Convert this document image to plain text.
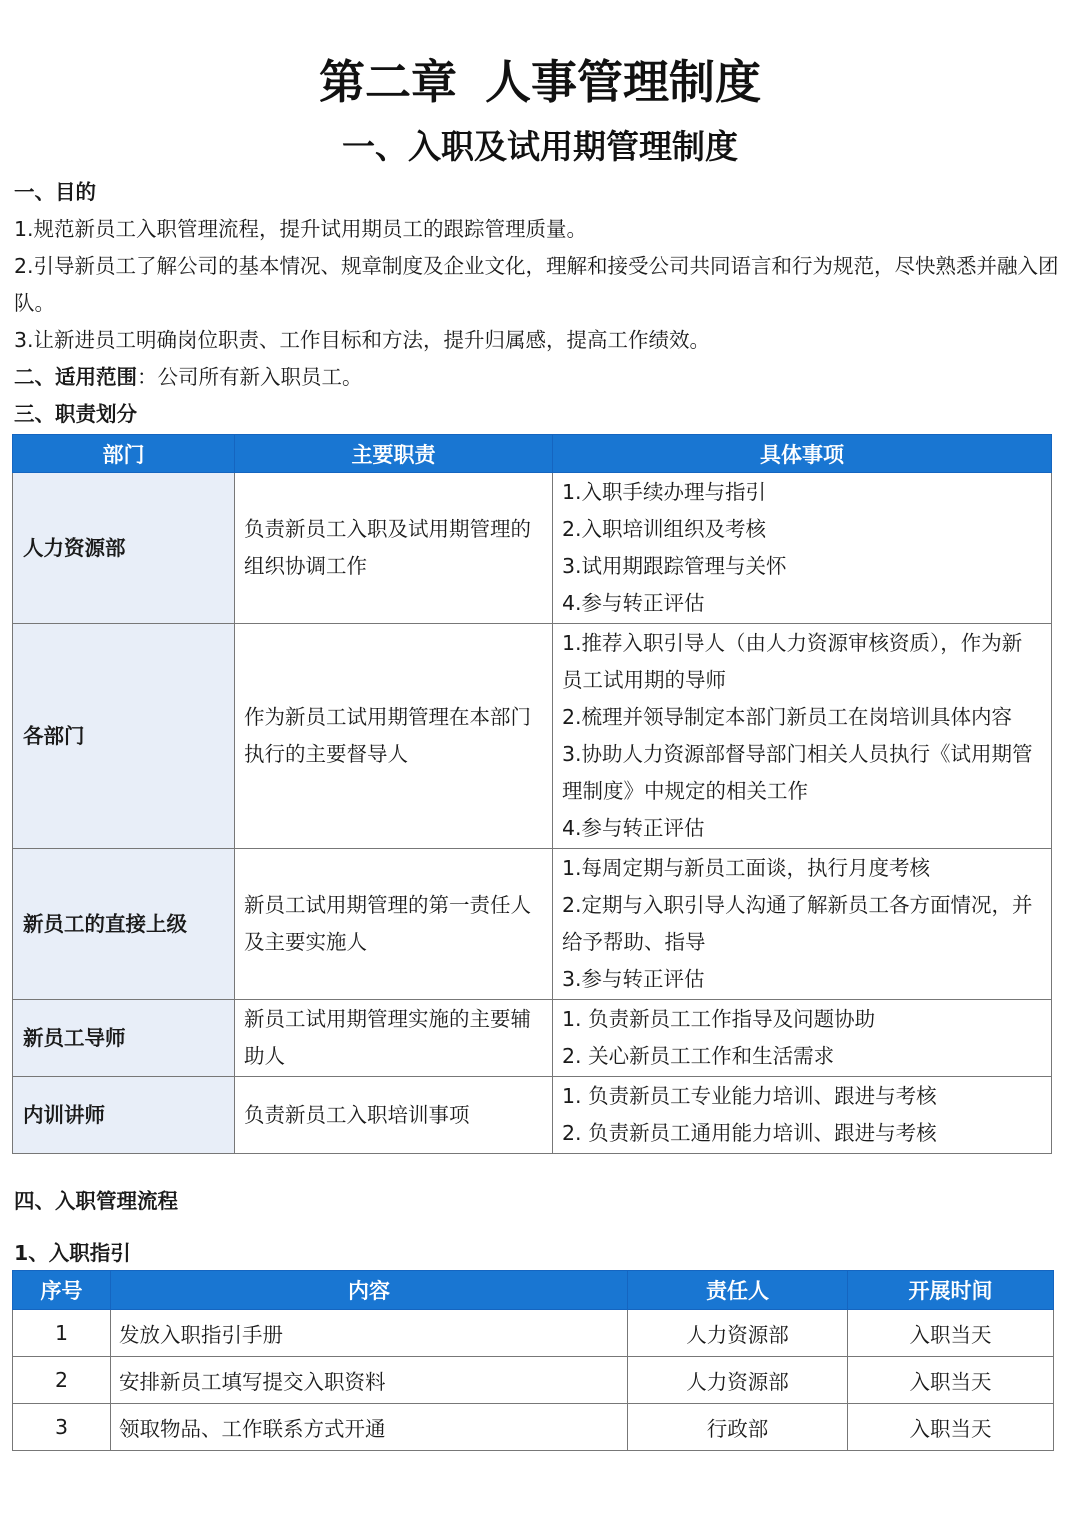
第二章 人事管理制度
一、入职及试用期管理制度
一、目的
1.规范新员工入职管理流程，提升试用期员工的跟踪管理质量。
2.引导新员工了解公司的基本情况、规章制度及企业文化，理解和接受公司共同语言和行为规范，尽快熟悉并融入团队。
3.让新进员工明确岗位职责、工作目标和方法，提升归属感，提高工作绩效。
二、适用范围：公司所有新入职员工。
三、职责划分
部门	主要职责	具体事项
人力资源部	负责新员工入职及试用期管理的组织协调工作	1.入职手续办理与指引
2.入职培训组织及考核
3.试用期跟踪管理与关怀
4.参与转正评估

各部门	作为新员工试用期管理在本部门执行的主要督导人	1.推荐入职引导人（由人力资源审核资质），作为新员工试用期的导师
2.梳理并领导制定本部门新员工在岗培训具体内容
3.协助人力资源部督导部门相关人员执行《试用期管理制度》中规定的相关工作
4.参与转正评估

新员工的直接上级	新员工试用期管理的第一责任人及主要实施人	1.每周定期与新员工面谈，执行月度考核
2.定期与入职引导人沟通了解新员工各方面情况，并给予帮助、指导
3.参与转正评估

新员工导师	新员工试用期管理实施的主要辅助人	1. 负责新员工工作指导及问题协助
2. 关心新员工工作和生活需求

内训讲师	负责新员工入职培训事项	1. 负责新员工专业能力培训、跟进与考核
2. 负责新员工通用能力培训、跟进与考核
四、入职管理流程
1、入职指引
序号	内容	责任人	开展时间
1	发放入职指引手册	人力资源部	入职当天
2	安排新员工填写提交入职资料	人力资源部	入职当天
3	领取物品、工作联系方式开通	行政部	入职当天
